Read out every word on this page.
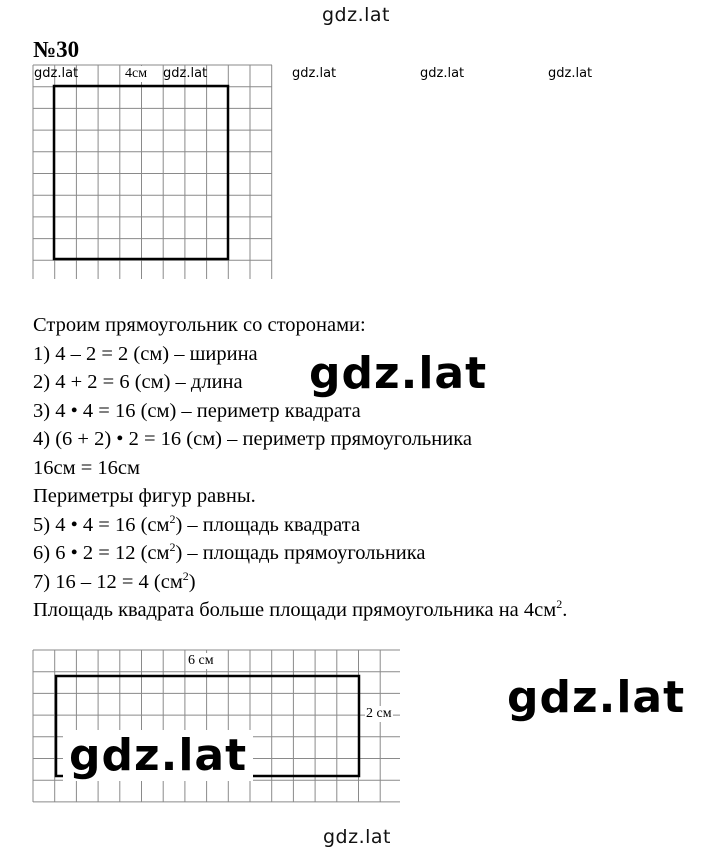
gdz.lat
№30
gdz.lat	4см gdz.lat	gdz.lat	gdz.lat	gdz.lat
Строим прямоугольник со сторонами:
1) 4 – 2 = 2 (см) – ширина
2) 4 + 2 = 6 (см) – длина
3) 4 • 4 = 16 (см) – периметр квадрата
4) (6 + 2) • 2 = 16 (см) – периметр прямоугольника
16см = 16см
Периметры фигур равны.
5) 4 • 4 = 16 $(см^2)$ – площадь квадрата
6) 6 • 2 = 12 $(см^2)$ – площадь прямоугольника
7) 16 – 12 = 4 $(см^2)$
Площадь квадрата больше площади прямоугольника на $4см^2$.
gdz.lat
6 см
2 см
gdz.lat
gdz.lat
gdz.lat
